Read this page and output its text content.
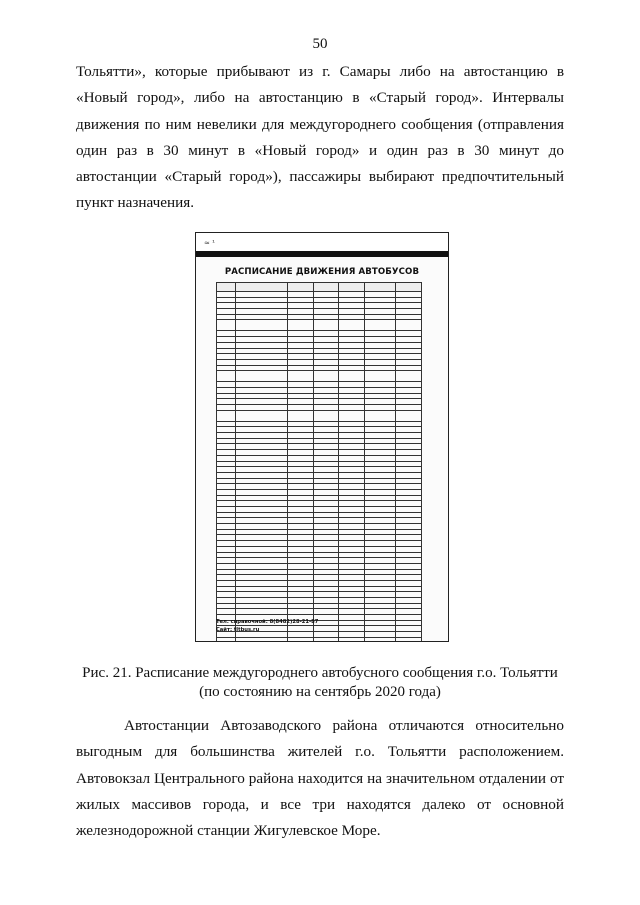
50
Тольятти», которые прибывают из г. Самары либо на автостанцию в
«Новый город», либо на автостанцию в «Старый город». Интервалы
движения по ним невелики для междугороднего сообщения (отправления
один раз в 30 минут в «Новый город» и один раз в 30 минут до
автостанции «Старый город»), пассажиры выбирают предпочтительный
пункт назначения.
≈ ¹
РАСПИСАНИЕ ДВИЖЕНИЯ АВТОБУСОВ

Тел. справочной: 8(8482)28-21-87
Сайт: tltbus.ru
Рис. 21. Расписание междугороднего автобусного сообщения г.о. Тольятти
(по состоянию на сентябрь 2020 года)
Автостанции Автозаводского района отличаются относительно
выгодным для большинства жителей г.о. Тольятти расположением.
Автовокзал Центрального района находится на значительном отдалении от
жилых массивов города, и все три находятся далеко от основной
железнодорожной станции Жигулевское Море.
